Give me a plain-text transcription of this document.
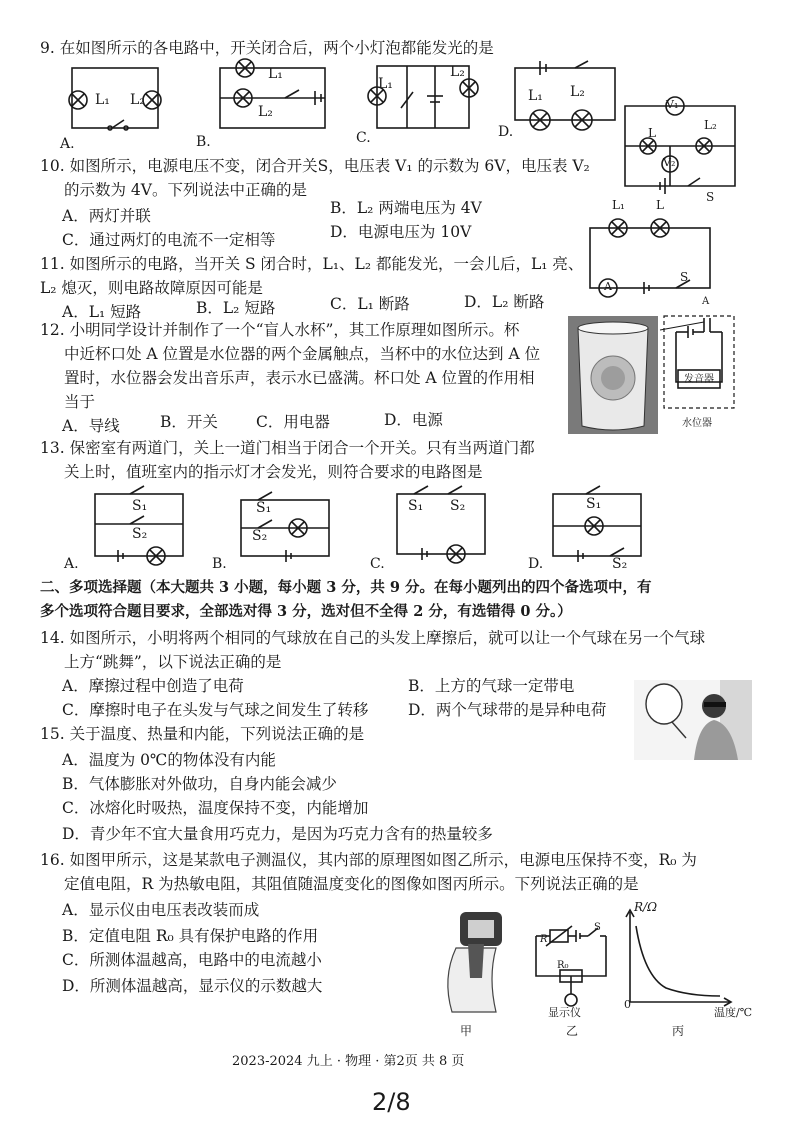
9. 在如图所示的各电路中，开关闭合后，两个小灯泡都能发光的是
L₁ L₂
A.
L₁
L₂
B.
L₁
L₂
C.
L₁ L₂
D.
V₁
L
L₂
V₂
S
10. 如图所示，电源电压不变，闭合开关S，电压表 V₁ 的示数为 6V，电压表 V₂
的示数为 4V。下列说法中正确的是
A．两灯并联	B．L₂ 两端电压为 4V
C．通过两灯的电流不一定相等	D．电源电压为 10V
L₁	L
A
S
11. 如图所示的电路，当开关 S 闭合时，L₁、L₂ 都能发光，一会儿后，L₁ 亮、
L₂ 熄灭，则电路故障原因可能是
A．L₁ 短路	B．L₂ 短路	C．L₁ 断路	D．L₂ 断路	A
发音器
水位器
12. 小明同学设计并制作了一个“盲人水杯”，其工作原理如图所示。杯
中近杯口处 A 位置是水位器的两个金属触点，当杯中的水位达到 A 位
置时，水位器会发出音乐声，表示水已盛满。杯口处 A 位置的作用相
当于
A．导线	B．开关 C．用电器	D．电源
13. 保密室有两道门，关上一道门相当于闭合一个开关。只有当两道门都
关上时，值班室内的指示灯才会发光，则符合要求的电路图是
S₁
S₂
A.
S₁
S₂
B.
S₁ S₂
C.
S₁
S₂
D.
二、多项选择题（本大题共 3 小题，每小题 3 分，共 9 分。在每小题列出的四个备选项中，有
多个选项符合题目要求，全部选对得 3 分，选对但不全得 2 分，有选错得 0 分。）
14. 如图所示，小明将两个相同的气球放在自己的头发上摩擦后，就可以让一个气球在另一个气球
上方“跳舞”，以下说法正确的是
A．摩擦过程中创造了电荷	B．上方的气球一定带电
C．摩擦时电子在头发与气球之间发生了转移	D．两个气球带的是异种电荷
15. 关于温度、热量和内能，下列说法正确的是
A．温度为 0℃的物体没有内能
B．气体膨胀对外做功，自身内能会减少
C．冰熔化时吸热，温度保持不变，内能增加
D．青少年不宜大量食用巧克力，是因为巧克力含有的热量较多
16. 如图甲所示，这是某款电子测温仪，其内部的原理图如图乙所示，电源电压保持不变，R₀ 为
定值电阻，R 为热敏电阻，其阻值随温度变化的图像如图丙所示。下列说法正确的是
A．显示仪由电压表改装而成
B．定值电阻 R₀ 具有保护电路的作用
C．所测体温越高，电路中的电流越小
D．所测体温越高，显示仪的示数越大
甲
R
S
R₀
显示仪
乙
R/Ω
0
温度/℃
丙
2023-2024 九上 · 物理 · 第2页 共 8 页
2/8
